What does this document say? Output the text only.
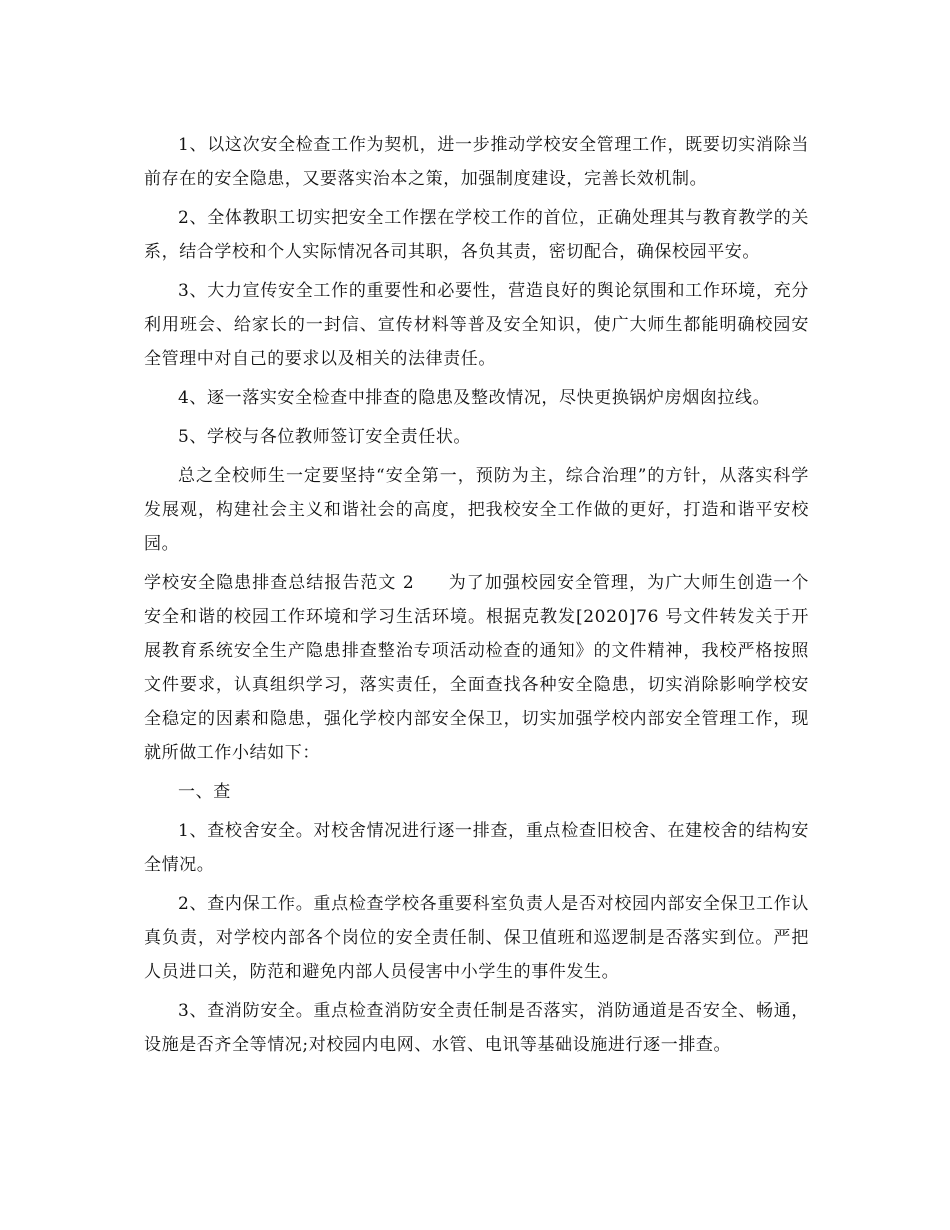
1、以这次安全检查工作为契机，进一步推动学校安全管理工作，既要切实消除当前存在的安全隐患，又要落实治本之策，加强制度建设，完善长效机制。

2、全体教职工切实把安全工作摆在学校工作的首位，正确处理其与教育教学的关系，结合学校和个人实际情况各司其职，各负其责，密切配合，确保校园平安。

3、大力宣传安全工作的重要性和必要性，营造良好的舆论氛围和工作环境，充分利用班会、给家长的一封信、宣传材料等普及安全知识，使广大师生都能明确校园安全管理中对自己的要求以及相关的法律责任。

4、逐一落实安全检查中排查的隐患及整改情况，尽快更换锅炉房烟囱拉线。

5、学校与各位教师签订安全责任状。

总之全校师生一定要坚持“安全第一，预防为主，综合治理”的方针，从落实科学发展观，构建社会主义和谐社会的高度，把我校安全工作做的更好，打造和谐平安校园。

学校安全隐患排查总结报告范文 2 为了加强校园安全管理，为广大师生创造一个安全和谐的校园工作环境和学习生活环境。根据克教发[2020]76 号文件转发关于开展教育系统安全生产隐患排查整治专项活动检查的通知》的文件精神，我校严格按照文件要求，认真组织学习，落实责任，全面查找各种安全隐患，切实消除影响学校安全稳定的因素和隐患，强化学校内部安全保卫，切实加强学校内部安全管理工作，现就所做工作小结如下：

一、查

1、查校舍安全。对校舍情况进行逐一排查，重点检查旧校舍、在建校舍的结构安全情况。

2、查内保工作。重点检查学校各重要科室负责人是否对校园内部安全保卫工作认真负责，对学校内部各个岗位的安全责任制、保卫值班和巡逻制是否落实到位。严把人员进口关，防范和避免内部人员侵害中小学生的事件发生。

3、查消防安全。重点检查消防安全责任制是否落实，消防通道是否安全、畅通，设施是否齐全等情况;对校园内电网、水管、电讯等基础设施进行逐一排查。
